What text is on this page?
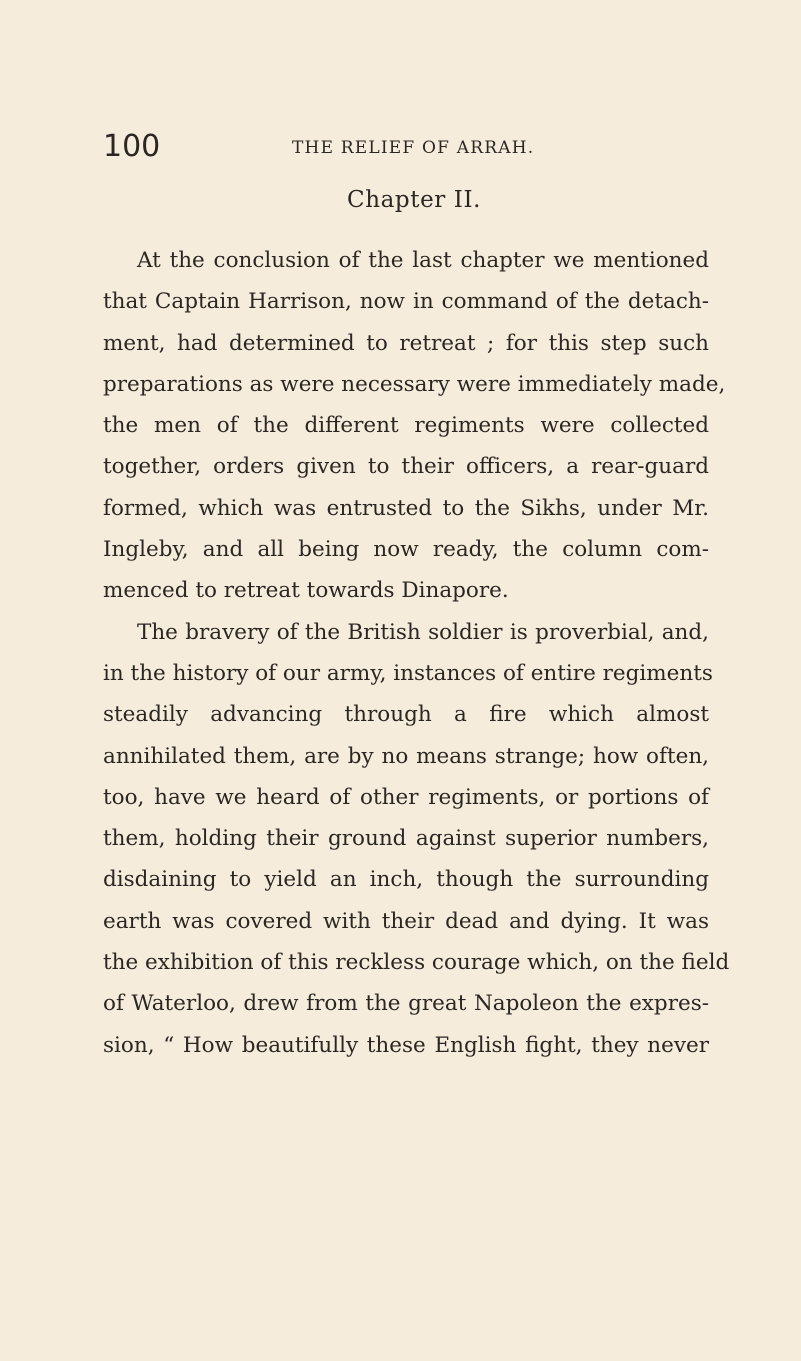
100	THE RELIEF OF ARRAH.
Chapter II.
At the conclusion of the last chapter we mentioned
that Captain Harrison, now in command of the detach-
ment, had determined to retreat ; for this step such
preparations as were necessary were immediately made,
the men of the different regiments were collected
together, orders given to their officers, a rear-guard
formed, which was entrusted to the Sikhs, under Mr.
Ingleby, and all being now ready, the column com-
menced to retreat towards Dinapore.
The bravery of the British soldier is proverbial, and,
in the history of our army, instances of entire regiments
steadily advancing through a fire which almost
annihilated them, are by no means strange; how often,
too, have we heard of other regiments, or portions of
them, holding their ground against superior numbers,
disdaining to yield an inch, though the surrounding
earth was covered with their dead and dying. It was
the exhibition of this reckless courage which, on the field
of Waterloo, drew from the great Napoleon the expres-
sion, “ How beautifully these English fight, they never
